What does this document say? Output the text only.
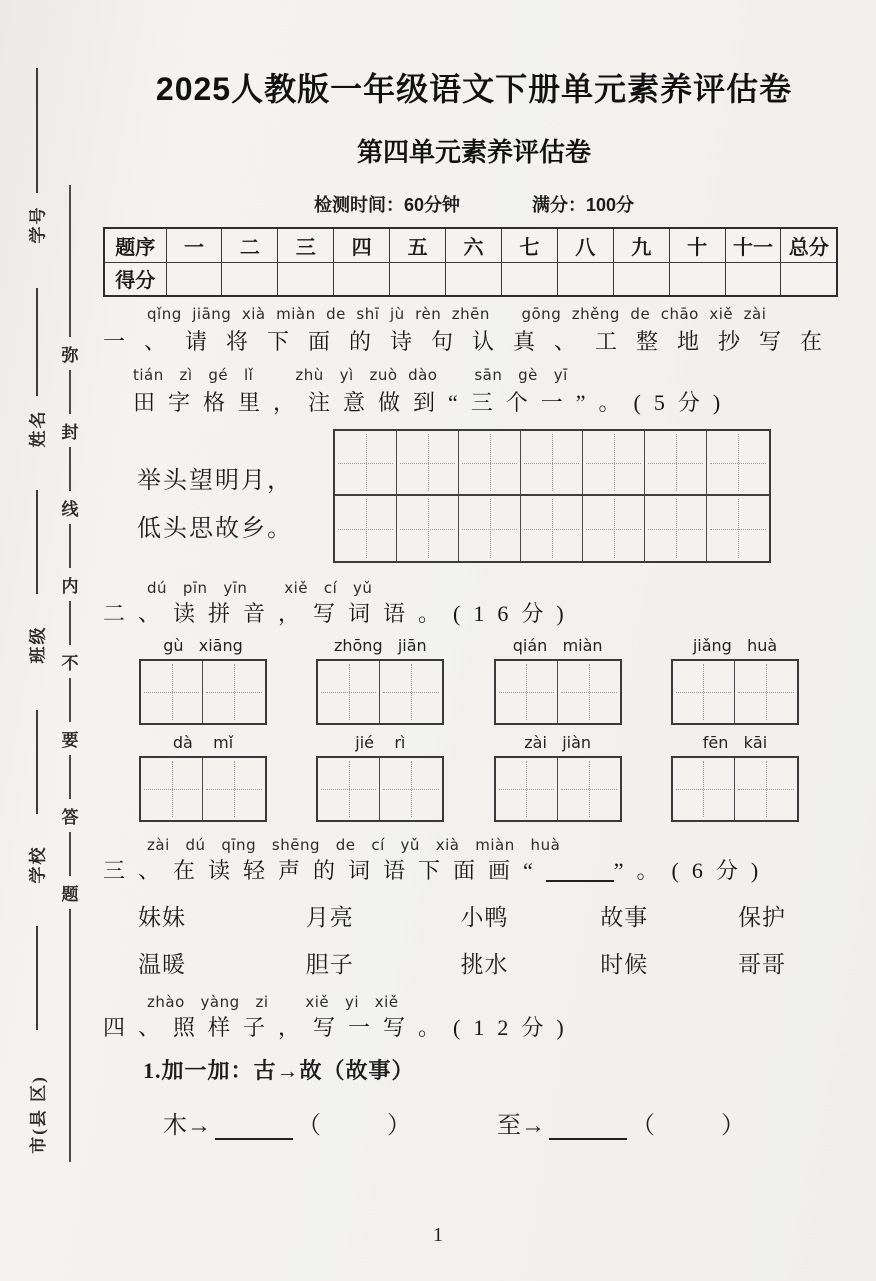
学号
姓名
班级
学校
市(县 区)
弥
封
线
内
不
要
答
题
2025人教版一年级语文下册单元素养评估卷
第四单元素养评估卷
检测时间：60分钟	满分：100分
题序	一	二	三	四	五	六	七	八	九	十	十一	总分
得分												
qǐng  jiāng  xià  miàn  de  shī  jù  rèn  zhēn      gōng  zhěng  de  chāo  xiě  zài
一、请将下面的诗句认真、工整地抄写在
tián   zì   gé   lǐ        zhù   yì   zuò  dào       sān   gè   yī
田字格里，注意做到“三个一”。(5分)
举头望明月，
低头思故乡。
dú   pīn   yīn       xiě   cí   yǔ
二、读拼音，写词语。(16分)
gù   xiāng	zhōng   jiān	qián   miàn	jiǎng   huà
dà    mǐ	jié    rì	zài   jiàn	fēn   kāi
zài   dú   qīng   shēng   de   cí   yǔ   xià   miàn   huà
三、在读轻声的词语下面画“	”。(6分)
妹妹	月亮	小鸭	故事	保护
温暖	胆子	挑水	时候	哥哥
zhào   yàng   zi       xiě   yi   xiě
四、照样子，写一写。(12分)
1.加一加：古→故（故事）
木→	（           ）	至→	（           ）
1
